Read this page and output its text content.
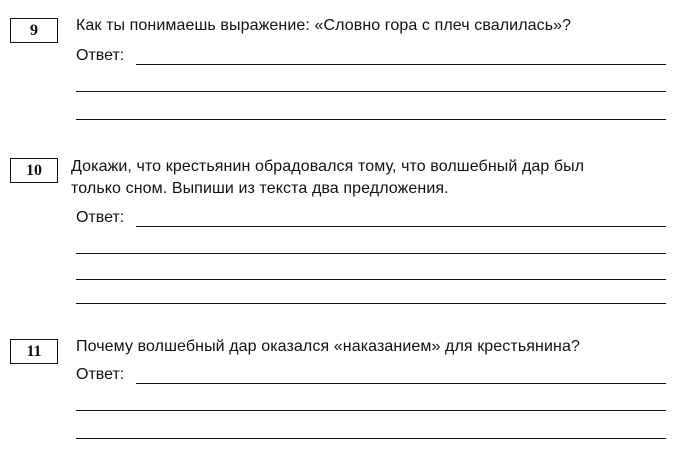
9 Как ты понимаешь выражение: «Словно гора с плеч свалилась»?
Ответ:
10 Докажи, что крестьянин обрадовался тому, что волшебный дар был
только сном. Выпиши из текста два предложения.
Ответ:
11 Почему волшебный дар оказался «наказанием» для крестьянина?
Ответ:
